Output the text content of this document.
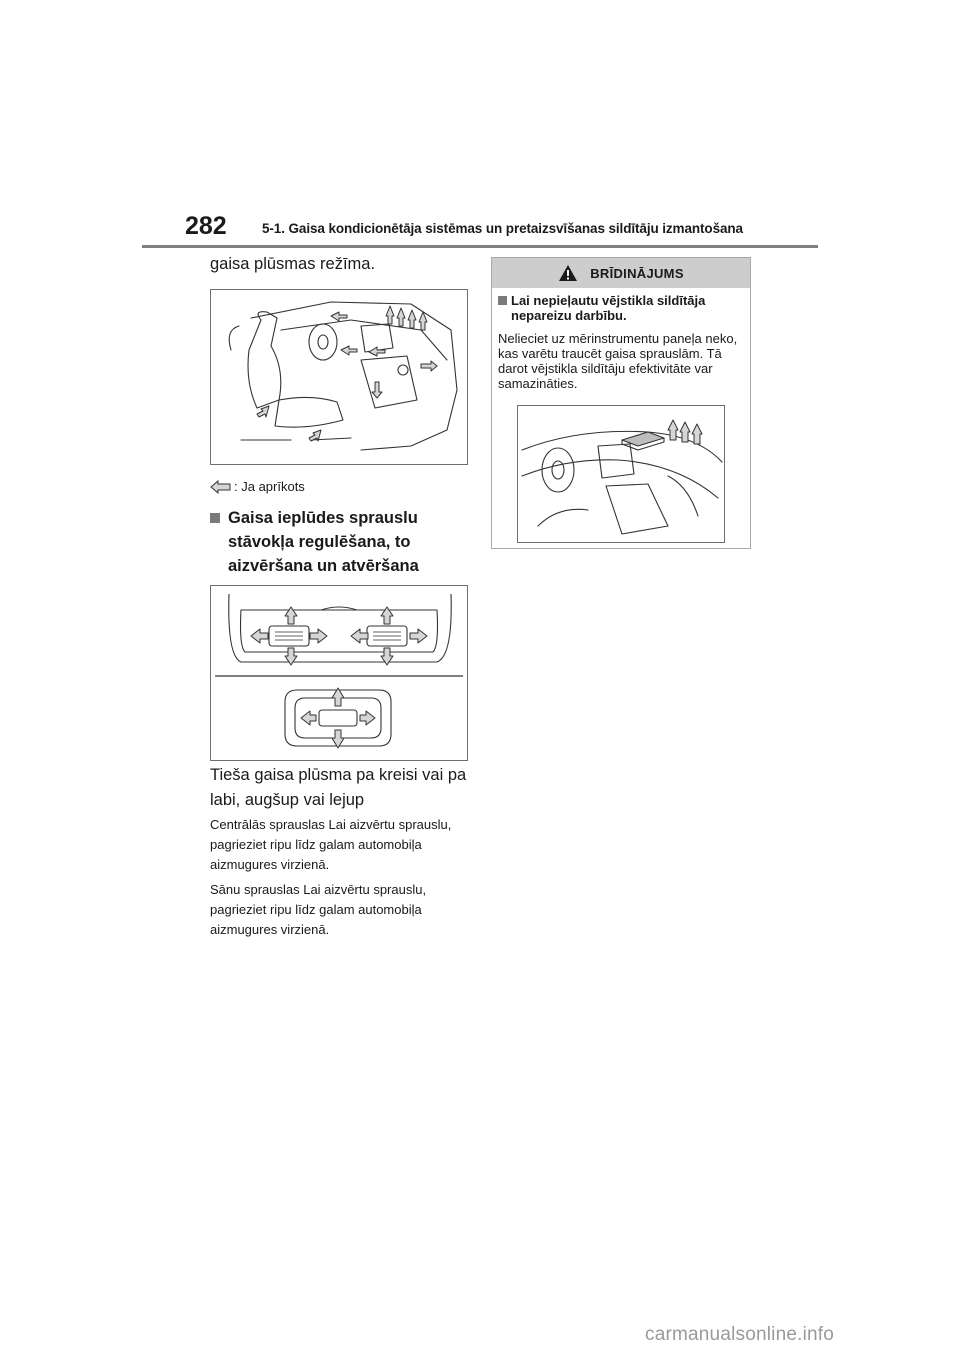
282	5-1. Gaisa kondicionētāja sistēmas un pretaizsvīšanas sildītāju izmantošana
gaisa plūsmas režīma.
: Ja aprīkots
Gaisa ieplūdes sprauslu stāvokļa regulēšana, to aizvēršana un atvēršana
Tieša gaisa plūsma pa kreisi vai pa labi, augšup vai lejup
Centrālās sprauslas Lai aizvērtu sprauslu, pagrieziet ripu līdz galam automobiļa aizmugures virzienā.
Sānu sprauslas Lai aizvērtu sprauslu, pagrieziet ripu līdz galam automobiļa aizmugures virzienā.
BRĪDINĀJUMS
Lai nepieļautu vējstikla sildītāja nepareizu darbību.
Nelieciet uz mērinstrumentu paneļa neko, kas varētu traucēt gaisa sprauslām. Tā darot vējstikla sildītāju efektivitāte var samazināties.
carmanualsonline.info
